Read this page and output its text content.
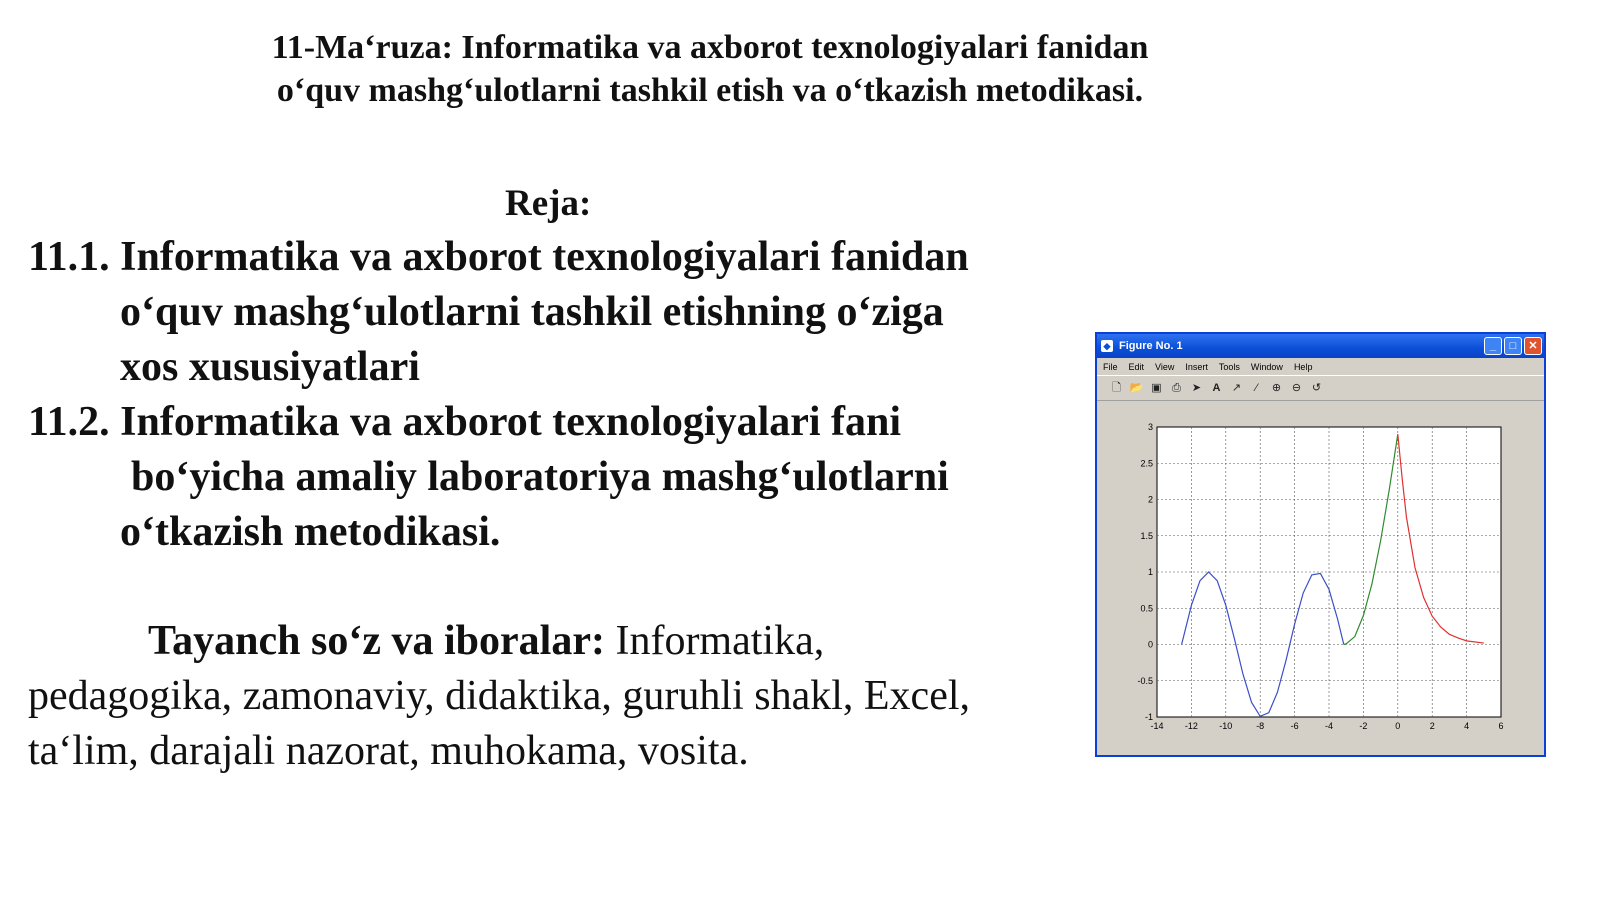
11-Ma‘ruza: Informatika va axborot texnologiyalari fanidan
o‘quv mashg‘ulotlarni tashkil etish va o‘tkazish metodikasi.
Reja:
11.1. Informatika va axborot texnologiyalari fanidan
o‘quv mashg‘ulotlarni tashkil etishning o‘ziga
xos xususiyatlari
11.2. Informatika va axborot texnologiyalari fani
bo‘yicha amaliy laboratoriya mashg‘ulotlarni
o‘tkazish metodikasi.
Tayanch so‘z va iboralar: Informatika,
pedagogika, zamonaviy, didaktika, guruhli shakl, Excel,
ta‘lim, darajali nazorat, muhokama, vosita.
◆ Figure No. 1	_	□	✕
File Edit View Insert Tools Window Help
🗋 📂 ▣ ⎙ ➤	A	↗	⁄	⊕ ⊖ ↺
-14 -12 -10	-8	-6	-4	-2	0	2	4	6
-1
-0.5
0
0.5
1
1.5
2
2.5
3
